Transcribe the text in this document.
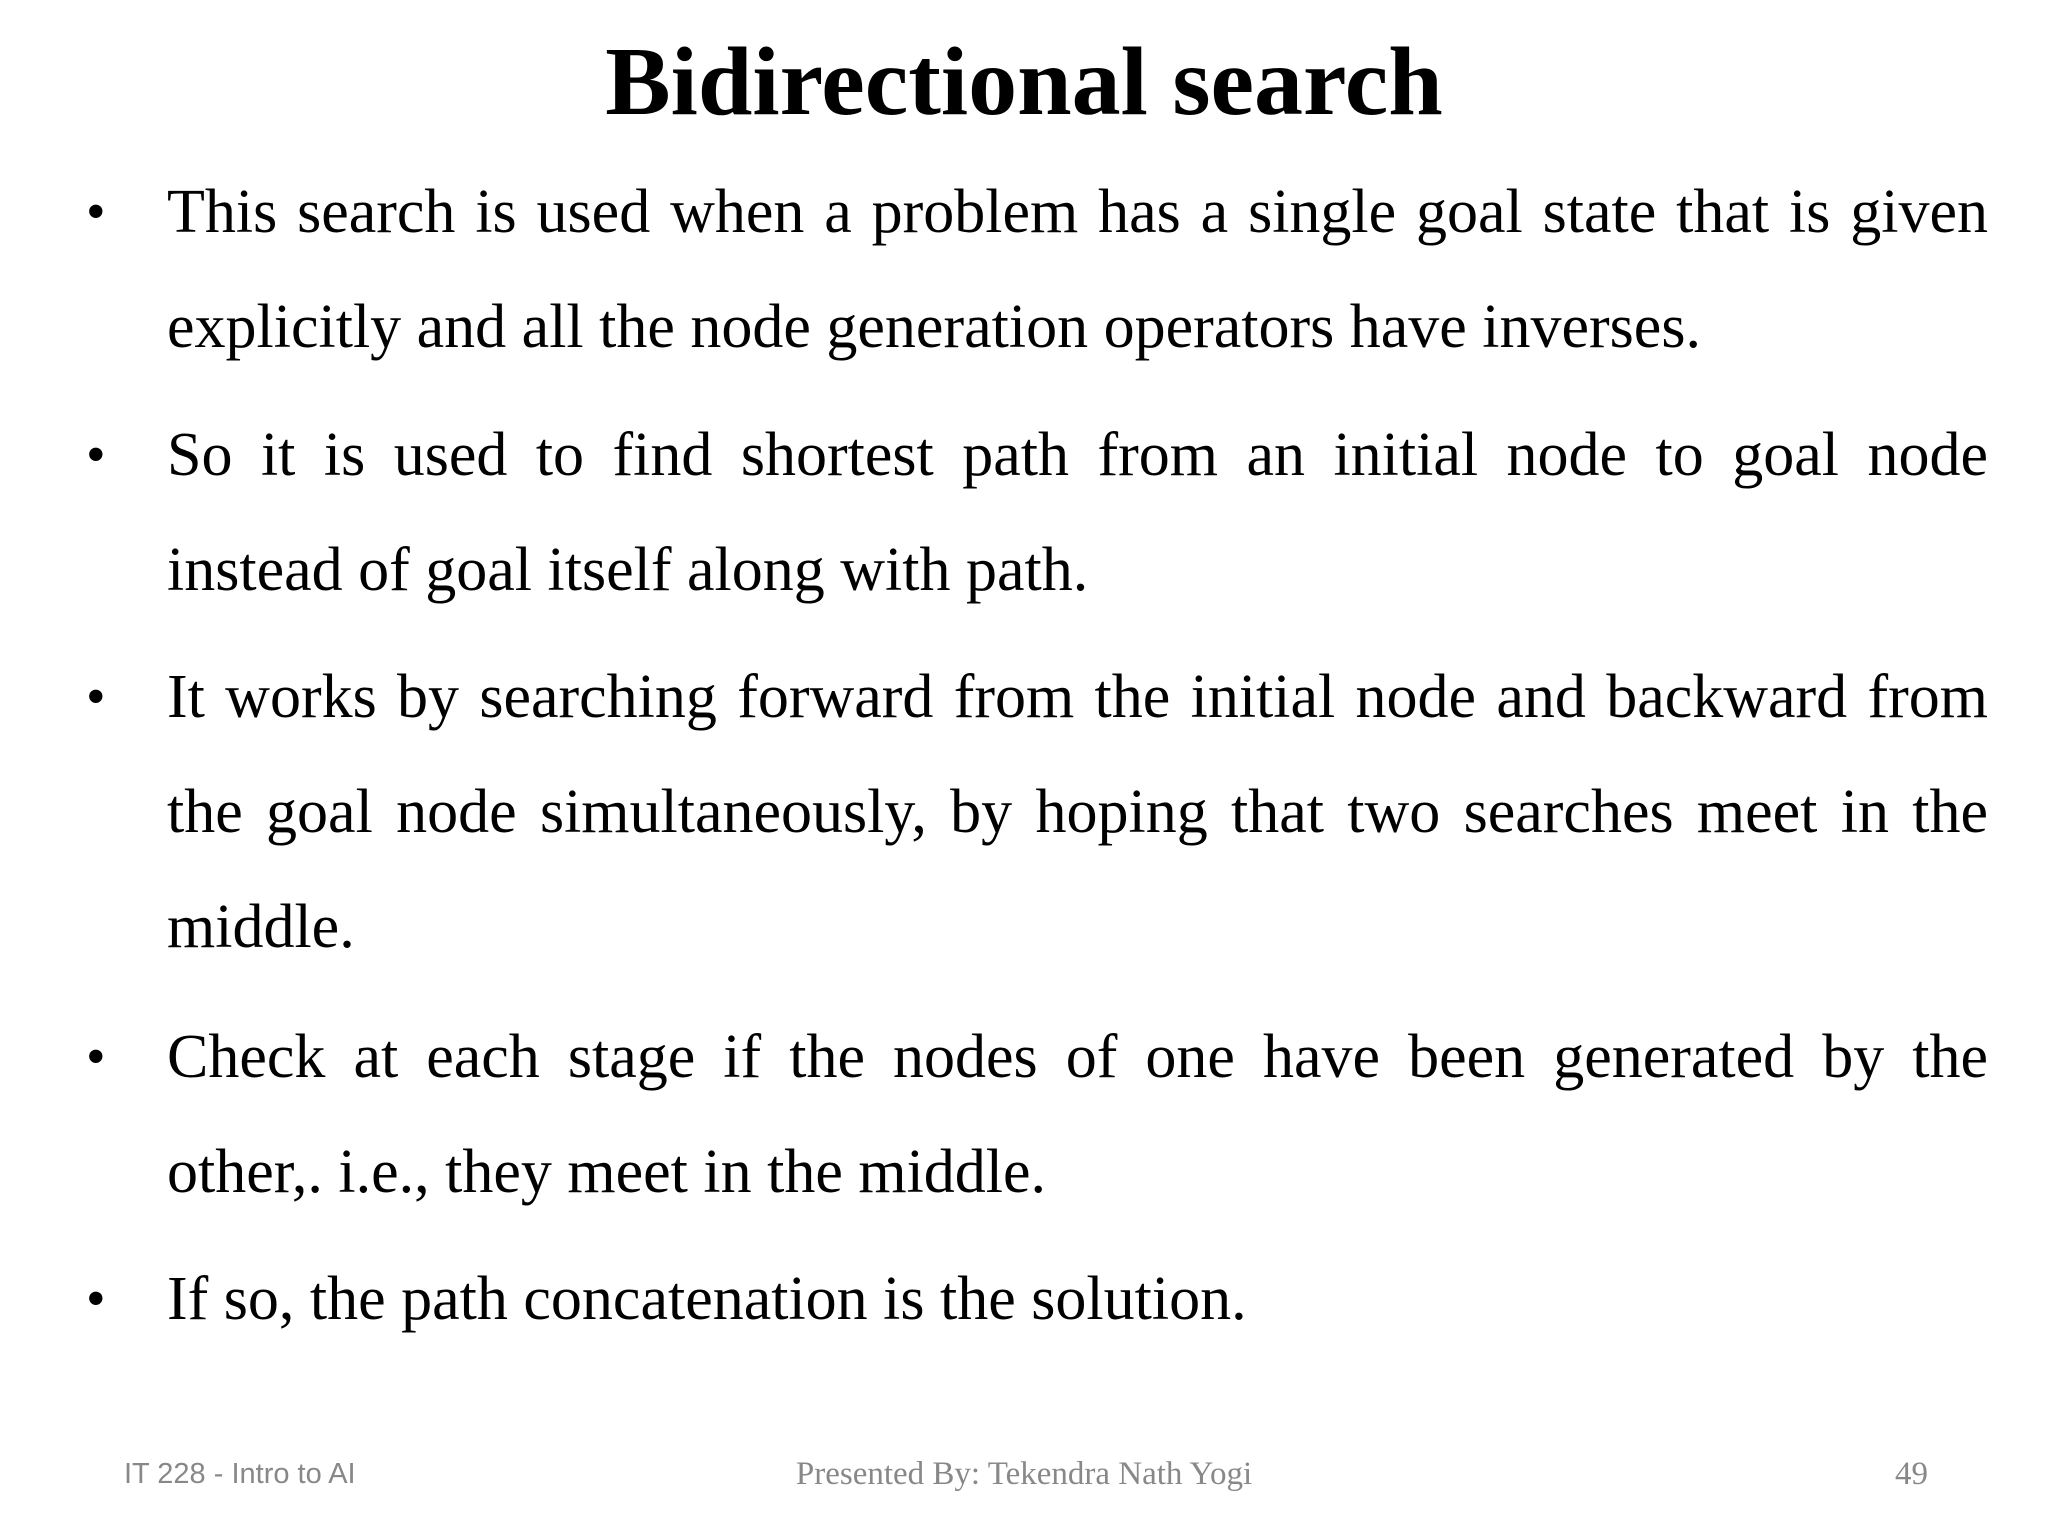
Bidirectional search
• This search is used when a problem has a single goal state that is given explicitly and all the node generation operators have inverses.

• So it is used to find shortest path from an initial node to goal node instead of goal itself along with path.

• It works by searching forward from the initial node and backward from the goal node simultaneously, by hoping that two searches meet in the middle.

• Check at each stage if the nodes of one have been generated by the other,. i.e., they meet in the middle.

• If so, the path concatenation is the solution.

IT 228 - Intro to AI	Presented By: Tekendra Nath Yogi	49
